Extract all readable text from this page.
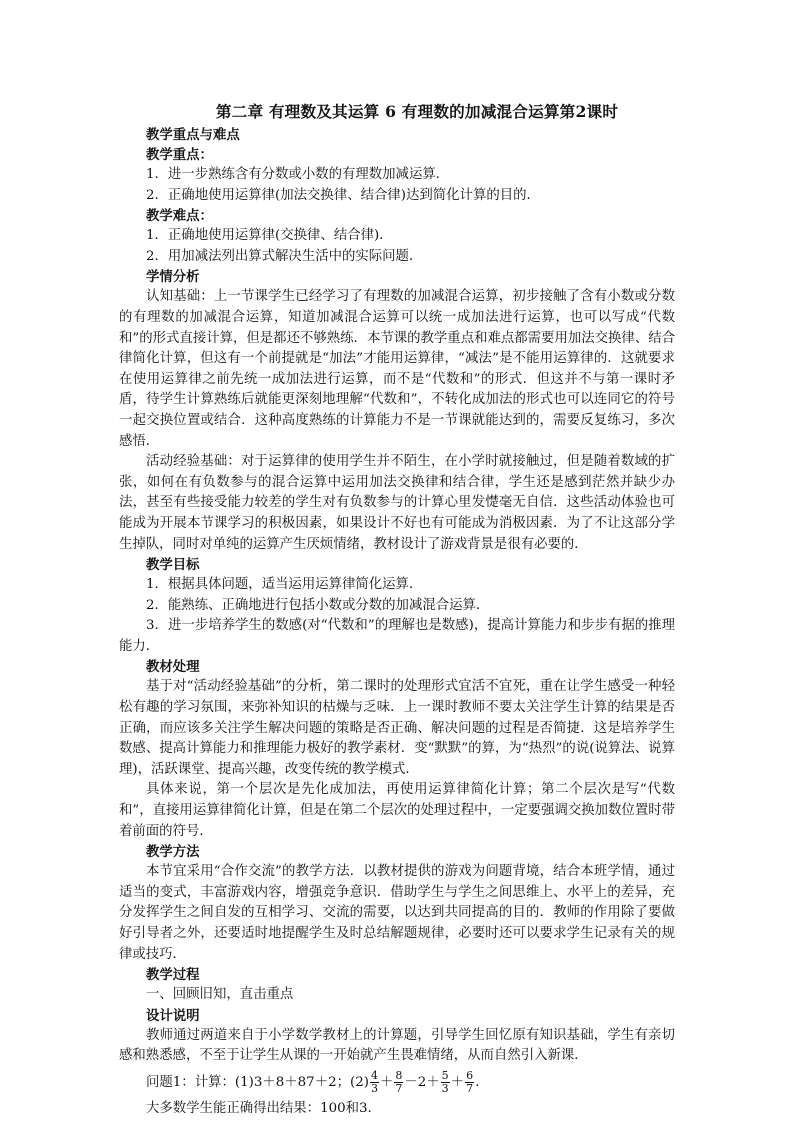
第二章 有理数及其运算 6 有理数的加减混合运算第2课时
教学重点与难点
教学重点：
1．进一步熟练含有分数或小数的有理数加减运算．
2．正确地使用运算律(加法交换律、结合律)达到简化计算的目的．
教学难点：
1．正确地使用运算律(交换律、结合律)．
2．用加减法列出算式解决生活中的实际问题．
学情分析
认知基础：上一节课学生已经学习了有理数的加减混合运算，初步接触了含有小数或分数的有理数的加减混合运算，知道加减混合运算可以统一成加法进行运算，也可以写成“代数和”的形式直接计算，但是都还不够熟练．本节课的教学重点和难点都需要用加法交换律、结合律简化计算，但这有一个前提就是“加法”才能用运算律，“减法”是不能用运算律的．这就要求在使用运算律之前先统一成加法进行运算，而不是“代数和”的形式．但这并不与第一课时矛盾，待学生计算熟练后就能更深刻地理解“代数和”，不转化成加法的形式也可以连同它的符号一起交换位置或结合．这种高度熟练的计算能力不是一节课就能达到的，需要反复练习，多次感悟．
活动经验基础：对于运算律的使用学生并不陌生，在小学时就接触过，但是随着数域的扩张，如何在有负数参与的混合运算中运用加法交换律和结合律，学生还是感到茫然并缺少办法，甚至有些接受能力较差的学生对有负数参与的计算心里发憷毫无自信．这些活动体验也可能成为开展本节课学习的积极因素，如果设计不好也有可能成为消极因素．为了不让这部分学生掉队，同时对单纯的运算产生厌烦情绪，教材设计了游戏背景是很有必要的．
教学目标
1．根据具体问题，适当运用运算律简化运算．
2．能熟练、正确地进行包括小数或分数的加减混合运算．
3．进一步培养学生的数感(对“代数和”的理解也是数感)，提高计算能力和步步有据的推理能力．
教材处理
基于对“活动经验基础”的分析，第二课时的处理形式宜活不宜死，重在让学生感受一种轻松有趣的学习氛围，来弥补知识的枯燥与乏味．上一课时教师不要太关注学生计算的结果是否正确，而应该多关注学生解决问题的策略是否正确、解决问题的过程是否简捷．这是培养学生数感、提高计算能力和推理能力极好的教学素材．变“默默”的算，为“热烈”的说(说算法、说算理)，活跃课堂、提高兴趣，改变传统的教学模式．
具体来说，第一个层次是先化成加法，再使用运算律简化计算；第二个层次是写“代数和”，直接用运算律简化计算，但是在第二个层次的处理过程中，一定要强调交换加数位置时带着前面的符号．
教学方法
本节宜采用“合作交流”的教学方法．以教材提供的游戏为问题背境，结合本班学情，通过适当的变式，丰富游戏内容，增强竞争意识．借助学生与学生之间思维上、水平上的差异，充分发挥学生之间自发的互相学习、交流的需要，以达到共同提高的目的．教师的作用除了要做好引导者之外，还要适时地提醒学生及时总结解题规律，必要时还可以要求学生记录有关的规律或技巧．
教学过程
一、回顾旧知，直击重点
设计说明
教师通过两道来自于小学数学教材上的计算题，引导学生回忆原有知识基础，学生有亲切感和熟悉感，不至于让学生从课的一开始就产生畏难情绪，从而自然引入新课．
问题1：计算：(1)3＋8＋87＋2；$(2) \frac{4}{3} + \frac{8}{7} -2+ \frac{5}{3} + \frac{6}{7}$ .
大多数学生能正确得出结果：100和3.
